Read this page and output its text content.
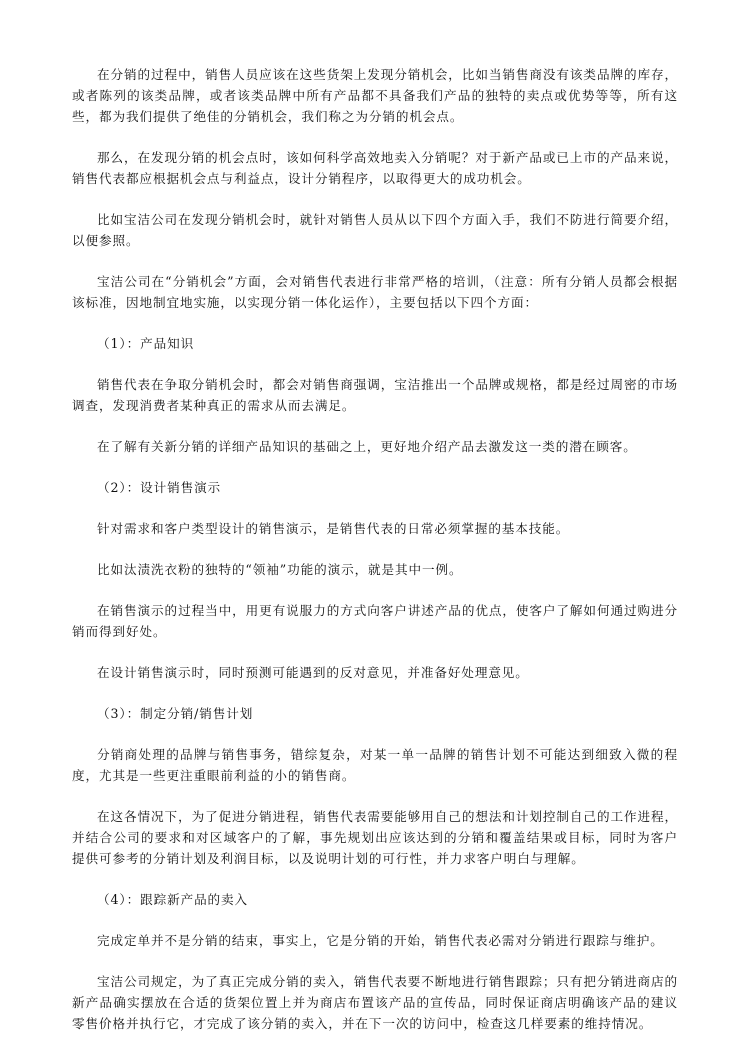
在分销的过程中，销售人员应该在这些货架上发现分销机会，比如当销售商没有该类品牌的库存，或者陈列的该类品牌，或者该类品牌中所有产品都不具备我们产品的独特的卖点或优势等等，所有这些，都为我们提供了绝佳的分销机会，我们称之为分销的机会点。

那么，在发现分销的机会点时，该如何科学高效地卖入分销呢？对于新产品或已上市的产品来说，销售代表都应根据机会点与利益点，设计分销程序，以取得更大的成功机会。

比如宝洁公司在发现分销机会时，就针对销售人员从以下四个方面入手，我们不防进行简要介绍，以便参照。

宝洁公司在“分销机会”方面，会对销售代表进行非常严格的培训，（注意：所有分销人员都会根据该标准，因地制宜地实施，以实现分销一体化运作），主要包括以下四个方面：

（1）：产品知识

销售代表在争取分销机会时，都会对销售商强调，宝洁推出一个品牌或规格，都是经过周密的市场调查，发现消费者某种真正的需求从而去满足。

在了解有关新分销的详细产品知识的基础之上，更好地介绍产品去激发这一类的潜在顾客。

（2）：设计销售演示

针对需求和客户类型设计的销售演示，是销售代表的日常必须掌握的基本技能。

比如汰渍洗衣粉的独特的“领袖”功能的演示，就是其中一例。

在销售演示的过程当中，用更有说服力的方式向客户讲述产品的优点，使客户了解如何通过购进分销而得到好处。

在设计销售演示时，同时预测可能遇到的反对意见，并准备好处理意见。

（3）：制定分销/销售计划

分销商处理的品牌与销售事务，错综复杂，对某一单一品牌的销售计划不可能达到细致入微的程度，尤其是一些更注重眼前利益的小的销售商。

在这各情况下，为了促进分销进程，销售代表需要能够用自己的想法和计划控制自己的工作进程，并结合公司的要求和对区域客户的了解，事先规划出应该达到的分销和覆盖结果或目标，同时为客户提供可参考的分销计划及利润目标，以及说明计划的可行性，并力求客户明白与理解。

（4）：跟踪新产品的卖入

完成定单并不是分销的结束，事实上，它是分销的开始，销售代表必需对分销进行跟踪与维护。

宝洁公司规定，为了真正完成分销的卖入，销售代表要不断地进行销售跟踪；只有把分销进商店的新产品确实摆放在合适的货架位置上并为商店布置该产品的宣传品，同时保证商店明确该产品的建议零售价格并执行它，才完成了该分销的卖入，并在下一次的访问中，检查这几样要素的维持情况。
